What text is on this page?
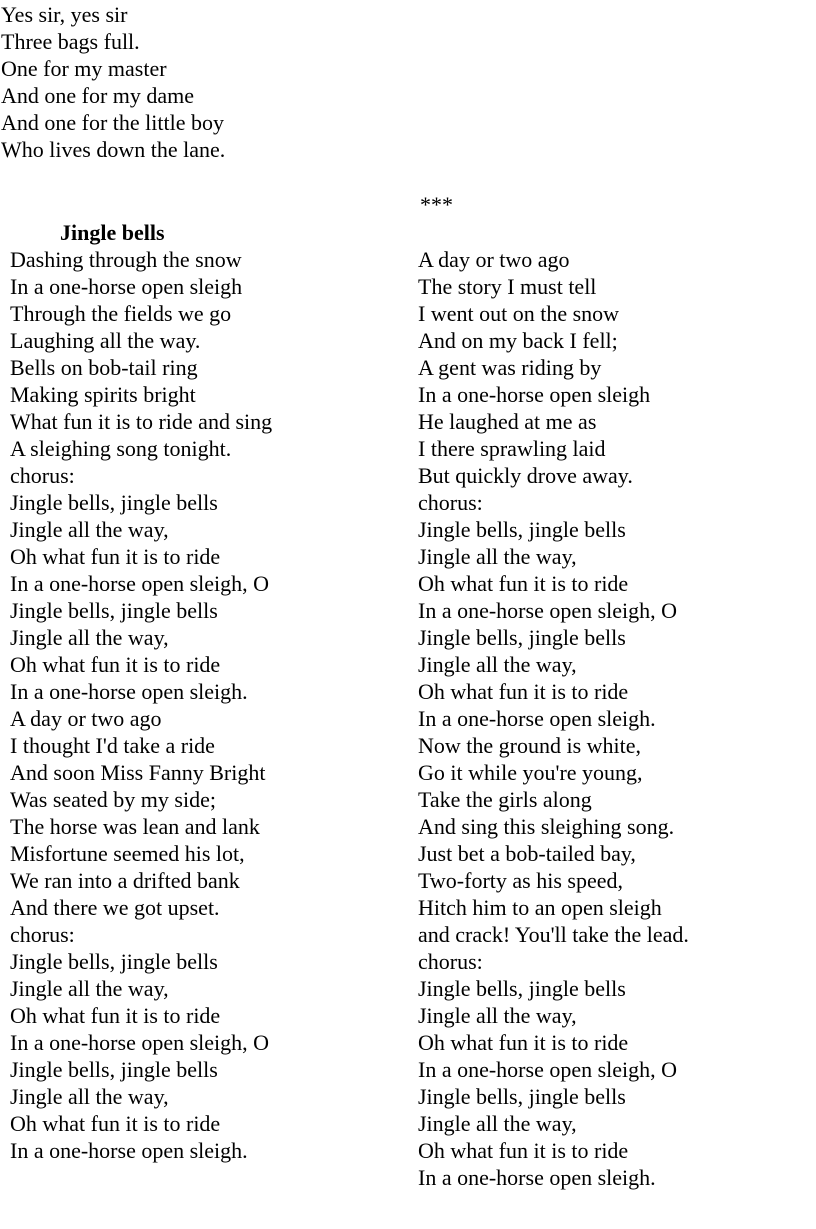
Yes sir, yes sir
Three bags full.
One for my master
And one for my dame
And one for the little boy
Who lives down the lane.
***
Jingle bells
Dashing through the snow
In a one-horse open sleigh
Through the fields we go
Laughing all the way.
Bells on bob-tail ring
Making spirits bright
What fun it is to ride and sing
A sleighing song tonight.
chorus:
Jingle bells, jingle bells
Jingle all the way,
Oh what fun it is to ride
In a one-horse open sleigh, O
Jingle bells, jingle bells
Jingle all the way,
Oh what fun it is to ride
In a one-horse open sleigh.
A day or two ago
I thought I'd take a ride
And soon Miss Fanny Bright
Was seated by my side;
The horse was lean and lank
Misfortune seemed his lot,
We ran into a drifted bank
And there we got upset.
chorus:
Jingle bells, jingle bells
Jingle all the way,
Oh what fun it is to ride
In a one-horse open sleigh, O
Jingle bells, jingle bells
Jingle all the way,
Oh what fun it is to ride
In a one-horse open sleigh.
A day or two ago
The story I must tell
I went out on the snow
And on my back I fell;
A gent was riding by
In a one-horse open sleigh
He laughed at me as
I there sprawling laid
But quickly drove away.
chorus:
Jingle bells, jingle bells
Jingle all the way,
Oh what fun it is to ride
In a one-horse open sleigh, O
Jingle bells, jingle bells
Jingle all the way,
Oh what fun it is to ride
In a one-horse open sleigh.
Now the ground is white,
Go it while you're young,
Take the girls along
And sing this sleighing song.
Just bet a bob-tailed bay,
Two-forty as his speed,
Hitch him to an open sleigh
and crack! You'll take the lead.
chorus:
Jingle bells, jingle bells
Jingle all the way,
Oh what fun it is to ride
In a one-horse open sleigh, O
Jingle bells, jingle bells
Jingle all the way,
Oh what fun it is to ride
In a one-horse open sleigh.
